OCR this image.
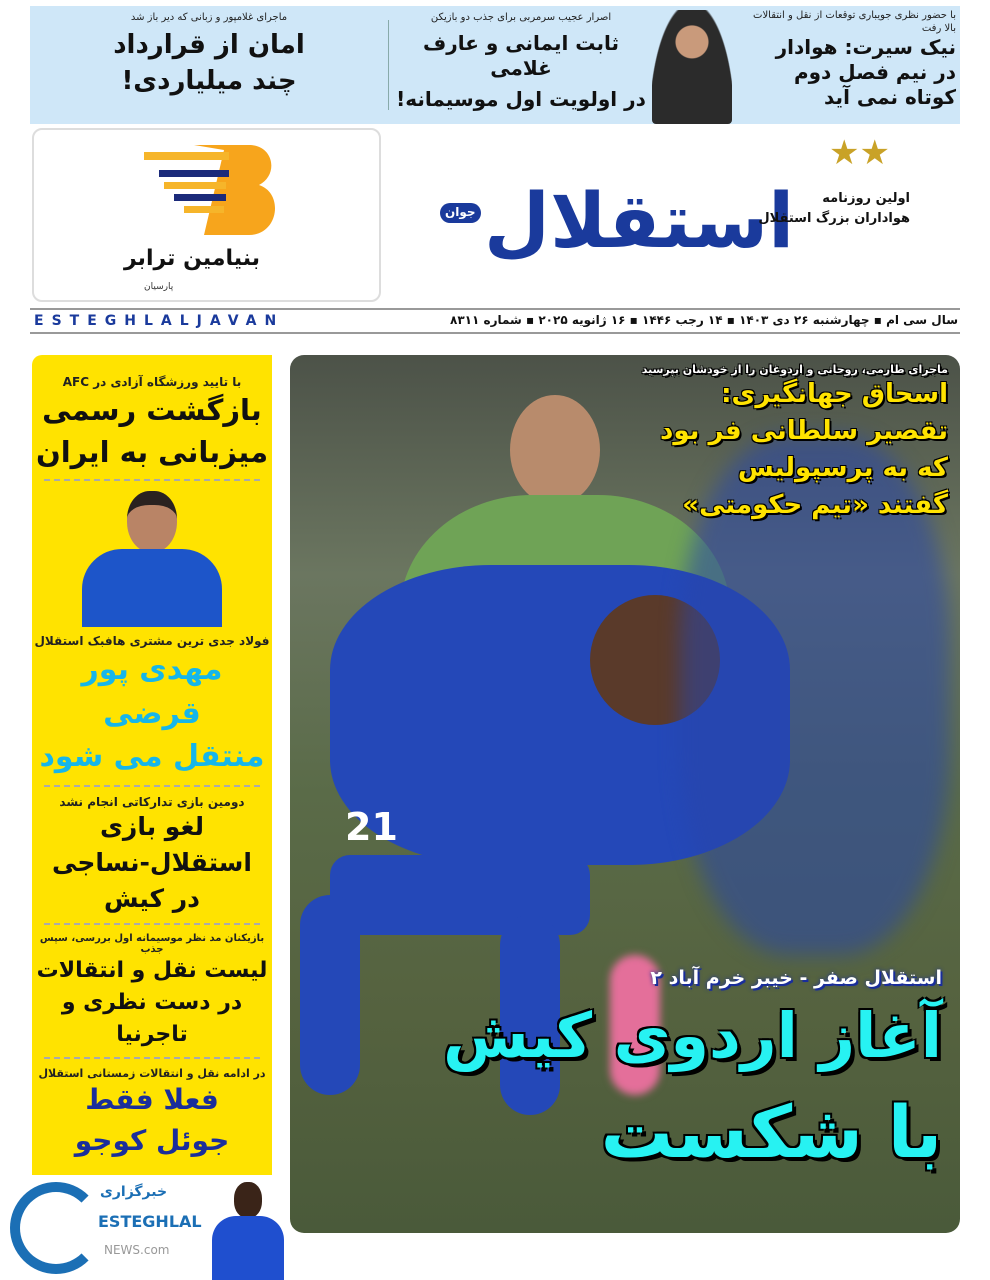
با حضور نظری جویباری توقعات از نقل و انتقالات بالا رفت
نیک سیرت: هوادار
در نیم فصل دوم
کوتاه نمی آید
اصرار عجیب سرمربی برای جذب دو بازیکن
ثابت ایمانی و عارف غلامی
در اولویت اول موسیمانه!
ماجرای غلامپور و زبانی که دیر باز شد
امان از قرارداد
چند میلیاردی!
بنیامین ترابر
پارسیان
★★
استقلال
جوان
اولین روزنامه
هواداران بزرگ استقلال
سال سی ام ▪ چهارشنبه ۲۶ دی ۱۴۰۳ ▪ ۱۴ رجب ۱۴۴۶ ▪ ۱۶ ژانویه ۲۰۲۵ ▪ شماره ۸۳۱۱
ESTEGHLALJAVAN
با تایید ورزشگاه آزادی در AFC
بازگشت رسمی
میزبانی به ایران
فولاد جدی ترین مشتری هافبک استقلال
مهدی پور قرضی
منتقل می شود
دومین بازی تدارکاتی انجام نشد
لغو بازی
استقلال-نساجی
در کیش
بازیکنان مد نظر موسیمانه اول بررسی، سپس جذب
لیست نقل و انتقالات
در دست نظری و تاجرنیا
در ادامه نقل و انتقالات زمستانی استقلال
فعلا فقط
جوئل کوجو
21
ماجرای طارمی، روحانی و اردوغان را از خودشان بپرسید
اسحاق جهانگیری:
تقصیر سلطانی فر بود
که به پرسپولیس
گفتند «تیم حکومتی»
استقلال صفر - خیبر خرم آباد ۲
آغاز اردوی کیش
با شکست
خبرگزاری
ESTEGHLAL
NEWS.com
